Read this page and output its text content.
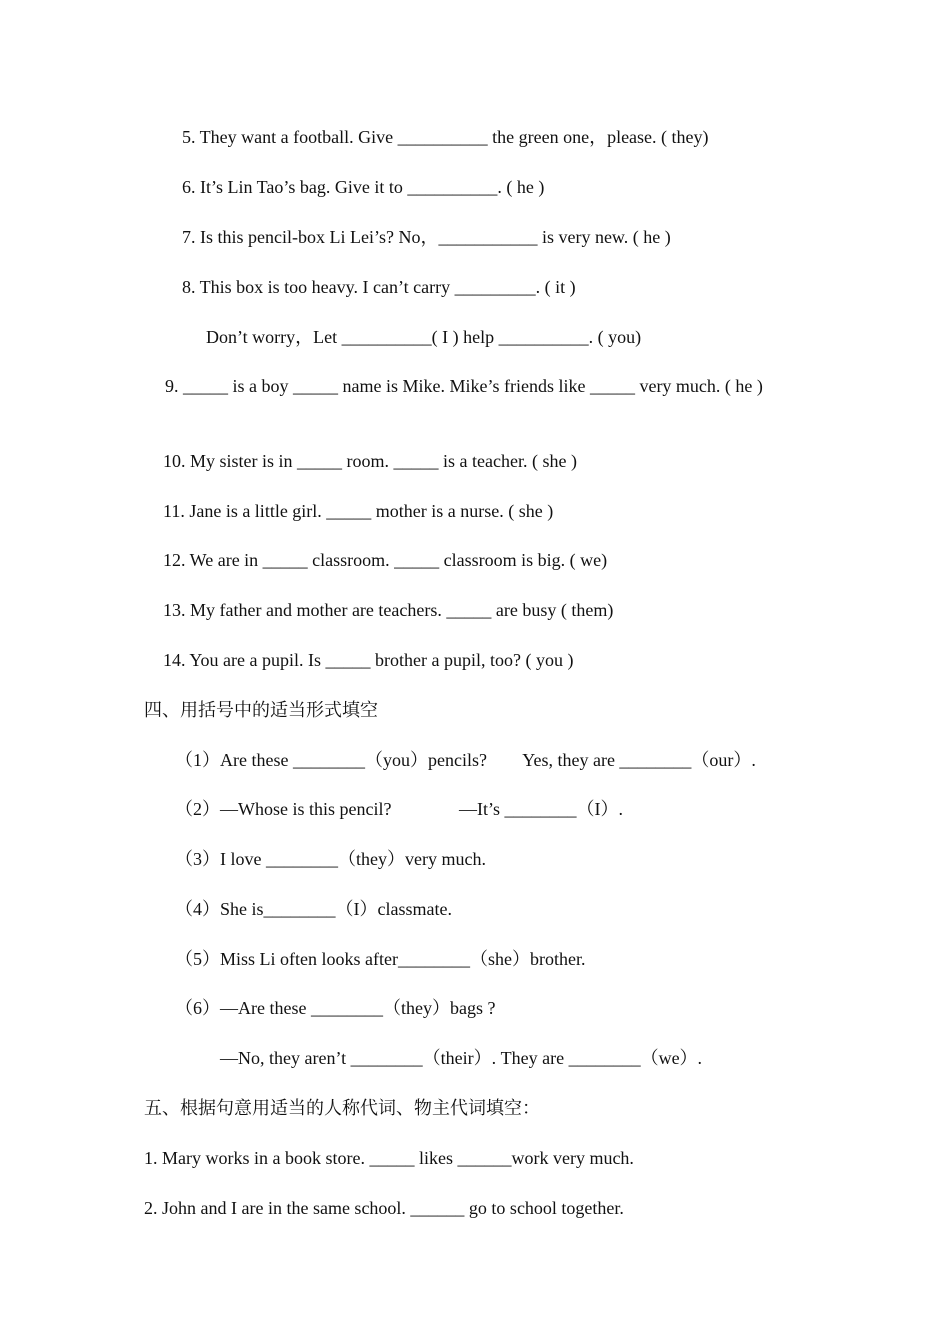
5. They want a football. Give __________ the green one，please. ( they)
6. It’s Lin Tao’s bag. Give it to __________. ( he )
7. Is this pencil-box Li Lei’s? No，___________ is very new. ( he )
8. This box is too heavy. I can’t carry _________. ( it )
Don’t worry，Let __________( I ) help __________. ( you)
9. _____ is a boy _____ name is Mike. Mike’s friends like _____ very much. ( he )
10. My sister is in _____ room. _____ is a teacher. ( she )
11. Jane is a little girl. _____ mother is a nurse. ( she )
12. We are in _____ classroom. _____ classroom is big. ( we)
13. My father and mother are teachers. _____ are busy ( them)
14. You are a pupil. Is _____ brother a pupil, too? ( you )
四、用括号中的适当形式填空
（1）Are these ________（you）pencils?        Yes, they are ________（our）.
（2）—Whose is this pencil?               —It’s ________（I）.
（3）I love ________（they）very much.
（4）She is________（I）classmate.
（5）Miss Li often looks after________（she）brother.
（6）—Are these ________（they）bags ?
—No, they aren’t ________（their）. They are ________（we）.
五、根据句意用适当的人称代词、物主代词填空：
1. Mary works in a book store. _____ likes ______work very much.
2. John and I are in the same school. ______ go to school together.
